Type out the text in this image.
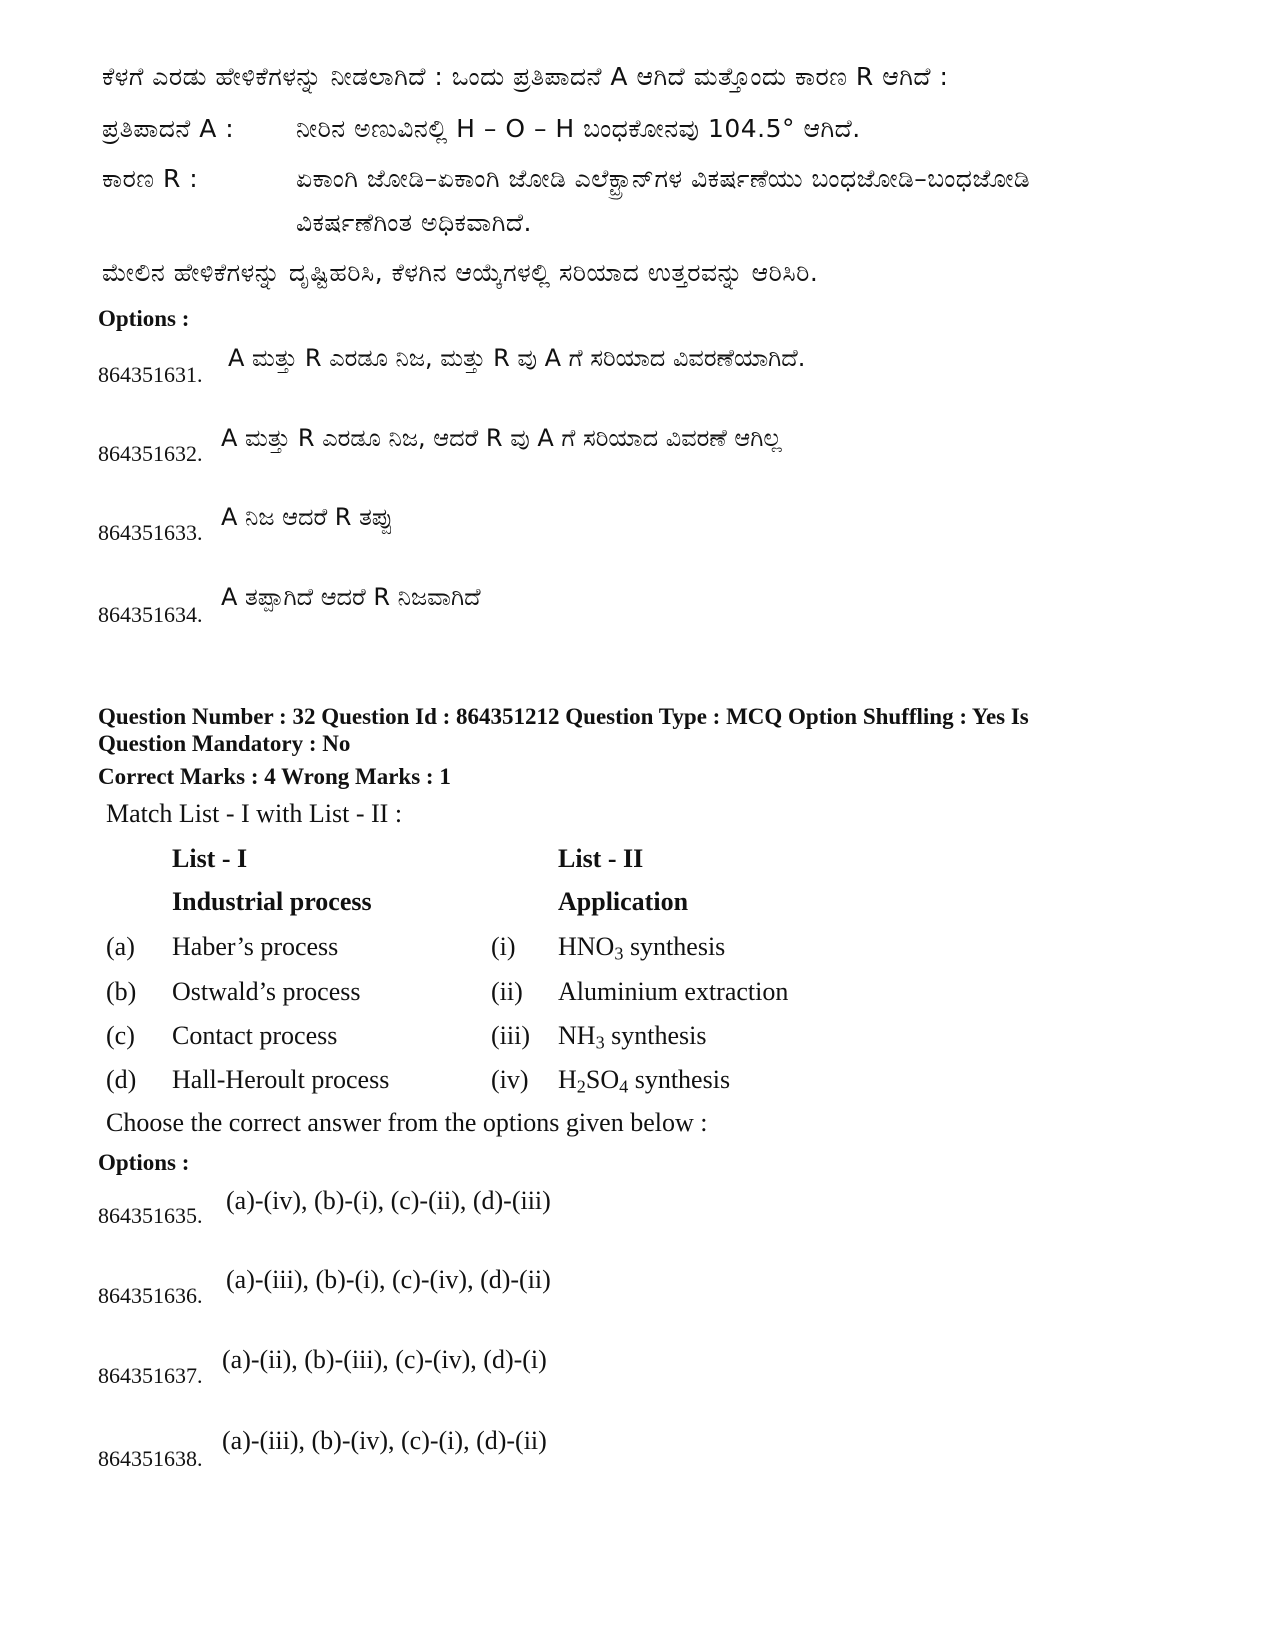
ಕೆಳಗೆ ಎರಡು ಹೇಳಿಕೆಗಳನ್ನು ನೀಡಲಾಗಿದೆ : ಒಂದು ಪ್ರತಿಪಾದನೆ A ಆಗಿದೆ ಮತ್ತೊಂದು ಕಾರಣ R ಆಗಿದೆ :
ಪ್ರತಿಪಾದನೆ A : ನೀರಿನ ಅಣುವಿನಲ್ಲಿ H – O – H ಬಂಧಕೋನವು 104.5° ಆಗಿದೆ.
ಕಾರಣ R :	ಏಕಾಂಗಿ ಜೋಡಿ–ಏಕಾಂಗಿ ಜೋಡಿ ಎಲೆಕ್ಟ್ರಾನ್‌ಗಳ ವಿಕರ್ಷಣೆಯು ಬಂಧಜೋಡಿ–ಬಂಧಜೋಡಿ
ವಿಕರ್ಷಣೆಗಿಂತ ಅಧಿಕವಾಗಿದೆ.
ಮೇಲಿನ ಹೇಳಿಕೆಗಳನ್ನು ದೃಷ್ಟಿಹರಿಸಿ, ಕೆಳಗಿನ ಆಯ್ಕೆಗಳಲ್ಲಿ ಸರಿಯಾದ ಉತ್ತರವನ್ನು ಆರಿಸಿರಿ.
Options :
864351631.
A ಮತ್ತು R ಎರಡೂ ನಿಜ, ಮತ್ತು R ವು A ಗೆ ಸರಿಯಾದ ವಿವರಣೆಯಾಗಿದೆ.
864351632.
A ಮತ್ತು R ಎರಡೂ ನಿಜ, ಆದರೆ R ವು A ಗೆ ಸರಿಯಾದ ವಿವರಣೆ ಆಗಿಲ್ಲ
864351633.
A ನಿಜ ಆದರೆ R ತಪ್ಪು
864351634.
A ತಪ್ಪಾಗಿದೆ ಆದರೆ R ನಿಜವಾಗಿದೆ
Question Number : 32 Question Id : 864351212 Question Type : MCQ Option Shuffling : Yes Is
Question Mandatory : No
Correct Marks : 4 Wrong Marks : 1
Match List - I with List - II :
List - I	List - II
Industrial process	Application
(a) Haber’s process	(i) $HNO_3$ synthesis
(b) Ostwald’s process	(ii) Aluminium extraction
(c) Contact process	(iii) $NH_3$ synthesis
(d) Hall-Heroult process	(iv) $H_2SO_4$ synthesis
Choose the correct answer from the options given below :
Options :
864351635.
(a)-(iv), (b)-(i), (c)-(ii), (d)-(iii)
864351636.
(a)-(iii), (b)-(i), (c)-(iv), (d)-(ii)
864351637.
(a)-(ii), (b)-(iii), (c)-(iv), (d)-(i)
864351638.
(a)-(iii), (b)-(iv), (c)-(i), (d)-(ii)
